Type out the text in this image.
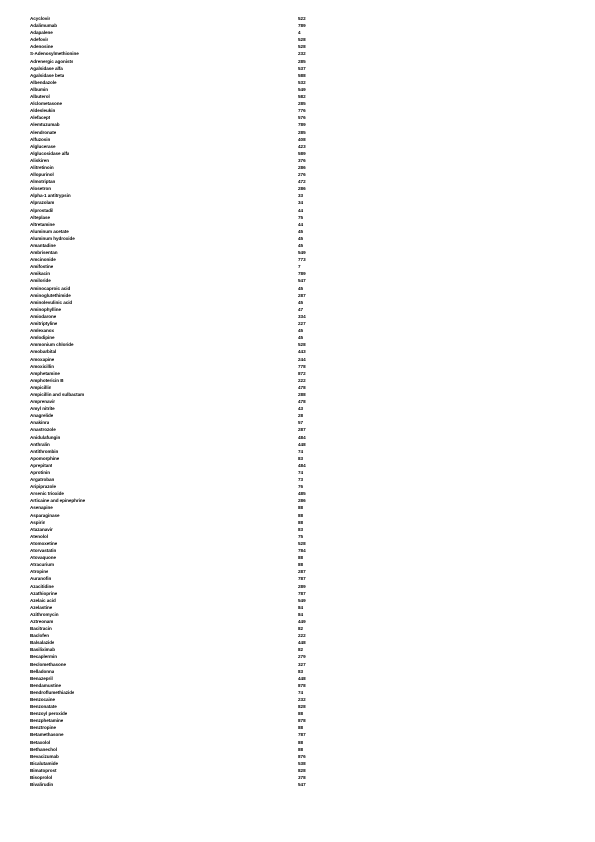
Acyclovir	522
Adalimumab	789
Adapalene	4
Adefovir	528
Adenosine	528
S-Adenosylmethionine	232
Adrenergic agonists	285
Agalsidase alfa	537
Agalsidase beta	588
Albendazole	532
Albumin	549
Albuterol	582
Alclometasone	285
Aldesleukin	776
Alefacept	576
Alemtuzumab	789
Alendronate	285
Alfuzosin	408
Alglucerase	423
Alglucosidase alfa	589
Aliskiren	376
Alitretinoin	286
Allopurinol	276
Almotriptan	472
Alosetron	286
Alpha-1 antitrypsin	33
Alprazolam	34
Alprostadil	44
Alteplase	75
Altretamine	44
Aluminum acetate	45
Aluminum hydroxide	45
Amantadine	45
Ambrisentan	549
Amcinonide	773
Amifostine	7
Amikacin	789
Amiloride	547
Aminocaproic acid	45
Aminoglutethimide	287
Aminolevulinic acid	45
Aminophylline	47
Amiodarone	334
Amitriptyline	227
Amlexanox	45
Amlodipine	45
Ammonium chloride	528
Amobarbital	443
Amoxapine	244
Amoxicillin	778
Amphetamine	872
Amphotericin B	222
Ampicillin	478
Ampicillin and sulbactam	288
Amprenavir	478
Amyl nitrite	43
Anagrelide	28
Anakinra	57
Anastrozole	287
Anidulafungin	484
Anthralin	448
Antithrombin	74
Apomorphine	83
Aprepitant	484
Aprotinin	74
Argatroban	73
Aripiprazole	76
Arsenic trioxide	485
Articaine and epinephrine	286
Asenapine	88
Asparaginase	88
Aspirin	88
Atazanavir	83
Atenolol	75
Atomoxetine	528
Atorvastatin	784
Atovaquone	88
Atracurium	88
Atropine	287
Auranofin	787
Azacitidine	289
Azathioprine	787
Azelaic acid	549
Azelastine	84
Azithromycin	84
Aztreonam	449
Bacitracin	82
Baclofen	222
Balsalazide	448
Basiliximab	82
Becaplermin	279
Beclomethasone	327
Belladonna	83
Benazepril	448
Bendamustine	878
Bendroflumethiazide	74
Benzocaine	232
Benzonatate	828
Benzoyl peroxide	88
Benzphetamine	878
Benztropine	88
Betamethasone	787
Betaxolol	88
Bethanechol	88
Bevacizumab	876
Bicalutamide	538
Bimatoprost	828
Bisoprolol	378
Bivalirudin	547
